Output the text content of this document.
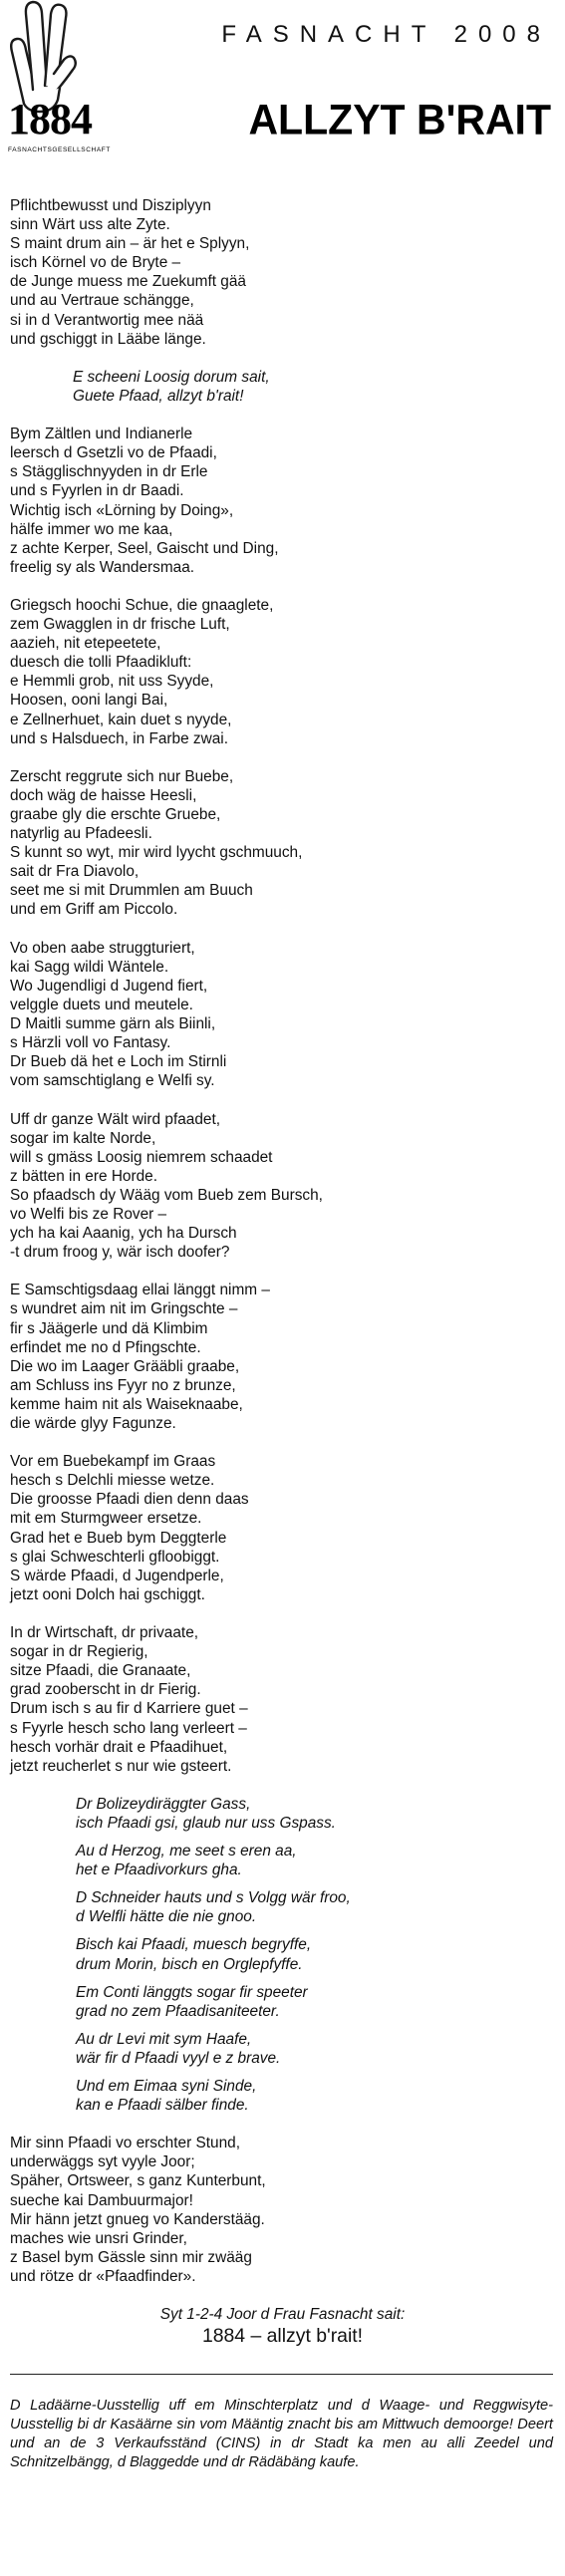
1884
FASNACHTSGESELLSCHAFT
FASNACHT 2008
ALLZYT B'RAIT
Pflichtbewusst und Disziplyyn
sinn Wärt uss alte Zyte.
S maint drum ain – är het e Splyyn,
isch Körnel vo de Bryte –
de Junge muess me Zuekumft gää
und au Vertraue schängge,
si in d Verantwortig mee nää
und gschiggt in Lääbe länge.
E scheeni Loosig dorum sait,
Guete Pfaad, allzyt b'rait!
Bym Zältlen und Indianerle
leersch d Gsetzli vo de Pfaadi,
s Stägglischnyyden in dr Erle
und s Fyyrlen in dr Baadi.
Wichtig isch «Lörning by Doing»,
hälfe immer wo me kaa,
z achte Kerper, Seel, Gaischt und Ding,
freelig sy als Wandersmaa.
Griegsch hoochi Schue, die gnaaglete,
zem Gwagglen in dr frische Luft,
aazieh, nit etepeetete,
duesch die tolli Pfaadikluft:
e Hemmli grob, nit uss Syyde,
Hoosen, ooni langi Bai,
e Zellnerhuet, kain duet s nyyde,
und s Halsduech, in Farbe zwai.
Zerscht reggrute sich nur Buebe,
doch wäg de haisse Heesli,
graabe gly die erschte Gruebe,
natyrlig au Pfadeesli.
S kunnt so wyt, mir wird lyycht gschmuuch,
sait dr Fra Diavolo,
seet me si mit Drummlen am Buuch
und em Griff am Piccolo.
Vo oben aabe struggturiert,
kai Sagg wildi Wäntele.
Wo Jugendligi d Jugend fiert,
velggle duets und meutele.
D Maitli summe gärn als Biinli,
s Härzli voll vo Fantasy.
Dr Bueb dä het e Loch im Stirnli
vom samschtiglang e Welfi sy.
Uff dr ganze Wält wird pfaadet,
sogar im kalte Norde,
will s gmäss Loosig niemrem schaadet
z bätten in ere Horde.
So pfaadsch dy Wääg vom Bueb zem Bursch,
vo Welfi bis ze Rover –
ych ha kai Aaanig, ych ha Dursch
-t drum froog y, wär isch doofer?
E Samschtigsdaag ellai länggt nimm –
s wundret aim nit im Gringschte –
fir s Jäägerle und dä Klimbim
erfindet me no d Pfingschte.
Die wo im Laager Grääbli graabe,
am Schluss ins Fyyr no z brunze,
kemme haim nit als Waiseknaabe,
die wärde glyy Fagunze.
Vor em Buebekampf im Graas
hesch s Delchli miesse wetze.
Die groosse Pfaadi dien denn daas
mit em Sturmgweer ersetze.
Grad het e Bueb bym Deggterle
s glai Schweschterli gfloobiggt.
S wärde Pfaadi, d Jugendperle,
jetzt ooni Dolch hai gschiggt.
In dr Wirtschaft, dr privaate,
sogar in dr Regierig,
sitze Pfaadi, die Granaate,
grad zooberscht in dr Fierig.
Drum isch s au fir d Karriere guet –
s Fyyrle hesch scho lang verleert –
hesch vorhär drait e Pfaadihuet,
jetzt reucherlet s nur wie gsteert.
Dr Bolizeydiräggter Gass,
isch Pfaadi gsi, glaub nur uss Gspass.
Au d Herzog, me seet s eren aa,
het e Pfaadivorkurs gha.
D Schneider hauts und s Volgg wär froo,
d Welfli hätte die nie gnoo.
Bisch kai Pfaadi, muesch begryffe,
drum Morin, bisch en Orglepfyffe.
Em Conti länggts sogar fir speeter
grad no zem Pfaadisaniteeter.
Au dr Levi mit sym Haafe,
wär fir d Pfaadi vyyl e z brave.
Und em Eimaa syni Sinde,
kan e Pfaadi sälber finde.
Mir sinn Pfaadi vo erschter Stund,
underwäggs syt vyyle Joor;
Späher, Ortsweer, s ganz Kunterbunt,
sueche kai Dambuurmajor!
Mir hänn jetzt gnueg vo Kanderstääg.
maches wie unsri Grinder,
z Basel bym Gässle sinn mir zwääg
und rötze dr «Pfaadfinder».
Syt 1-2-4 Joor d Frau Fasnacht sait:
1884 – allzyt b'rait!
D Ladäärne-Uusstellig uff em Minschterplatz und d Waage- und Reggwisyte-Uusstellig bi dr Kasäärne sin vom Määntig znacht bis am Mittwuch demoorge! Deert und an de 3 Verkaufsständ (CINS) in dr Stadt ka men au alli Zeedel und Schnitzelbängg, d Blaggedde und dr Rädäbäng kaufe.
